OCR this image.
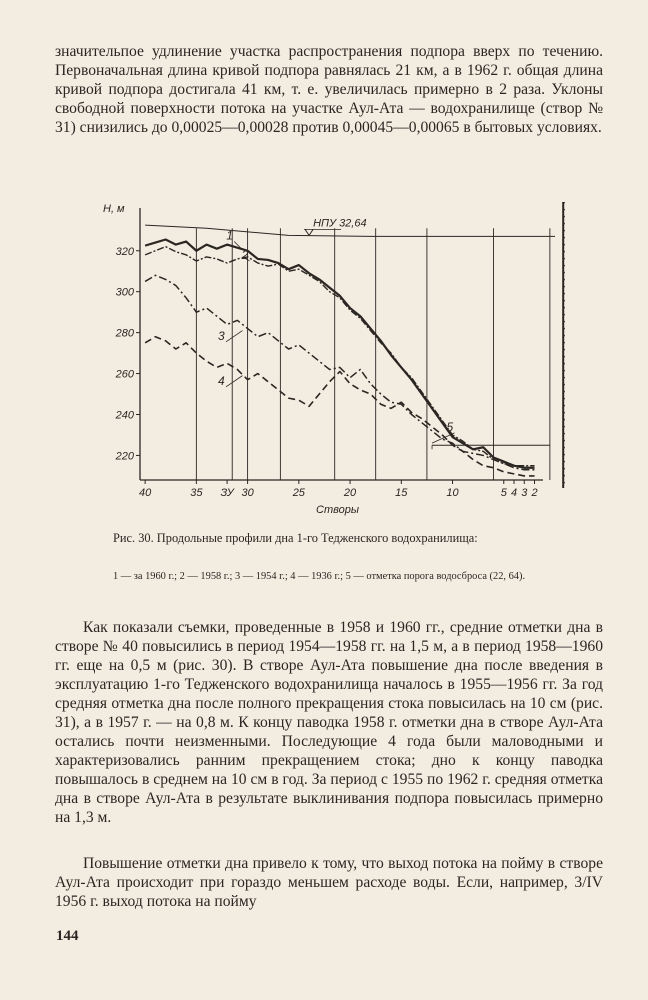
значительпое удлинение участка распространения подпора вверх по течению. Первоначальная длина кривой подпора равнялась 21 км, а в 1962 г. общая длина кривой подпора достигала 41 км, т. е. увеличилась примерно в 2 раза. Уклоны свободной поверхности потока на участке Аул-Ата — водохранилище (створ № 31) снизились до 0,00025—0,00028 против 0,00045—0,00065 в бытовых условиях.

220
240
260
280
300
320
H, м
40	35 ЗУ 30	25	20	15	10	5 4 3 2
Створы
НПУ 32,64
1
2
3
4
5

Рис. 30. Продольные профили дна 1-го Тедженского водохранилища:

1 — за 1960 г.; 2 — 1958 г.; 3 — 1954 г.; 4 — 1936 г.; 5 — отметка порога водосброса (22, 64).

Как показали съемки, проведенные в 1958 и 1960 гг., средние отметки дна в створе № 40 повысились в период 1954—1958 гг. на 1,5 м, а в период 1958—1960 гг. еще на 0,5 м (рис. 30). В створе Аул-Ата повышение дна после введения в эксплуатацию 1-го Тедженского водохранилища началось в 1955—1956 гг. За год средняя отметка дна после полного прекращения стока повысилась на 10 см (рис. 31), а в 1957 г. — на 0,8 м. К концу паводка 1958 г. отметки дна в створе Аул-Ата остались почти неизменными. Последующие 4 года были маловодными и характеризовались ранним прекращением стока; дно к концу паводка повышалось в среднем на 10 см в год. За период с 1955 по 1962 г. средняя отметка дна в створе Аул-Ата в результате выклинивания подпора повысилась примерно на 1,3 м.

Повышение отметки дна привело к тому, что выход потока на пойму в створе Аул-Ата происходит при гораздо меньшем расходе воды. Если, например, 3/IV 1956 г. выход потока на пойму

144
